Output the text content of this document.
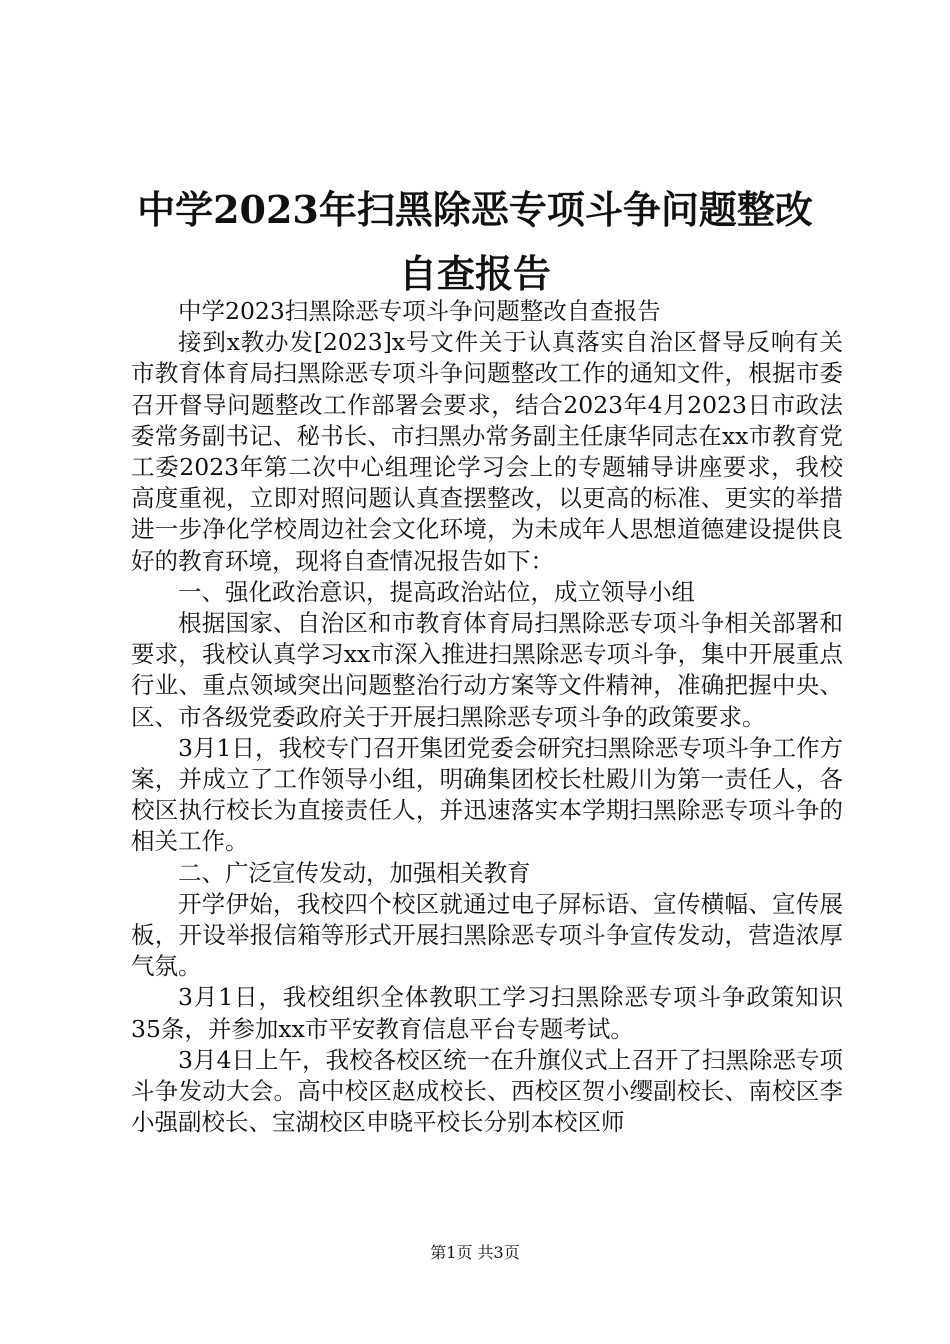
中学2023年扫黑除恶专项斗争问题整改自查报告

中学2023扫黑除恶专项斗争问题整改自查报告

接到x教办发[2023]x号文件关于认真落实自治区督导反响有关市教育体育局扫黑除恶专项斗争问题整改工作的通知文件，根据市委召开督导问题整改工作部署会要求，结合2023年4月2023日市政法委常务副书记、秘书长、市扫黑办常务副主任康华同志在xx市教育党工委2023年第二次中心组理论学习会上的专题辅导讲座要求，我校高度重视，立即对照问题认真查摆整改，以更高的标准、更实的举措进一步净化学校周边社会文化环境，为未成年人思想道德建设提供良好的教育环境，现将自查情况报告如下：

一、强化政治意识，提高政治站位，成立领导小组

根据国家、自治区和市教育体育局扫黑除恶专项斗争相关部署和要求，我校认真学习xx市深入推进扫黑除恶专项斗争，集中开展重点行业、重点领域突出问题整治行动方案等文件精神，准确把握中央、区、市各级党委政府关于开展扫黑除恶专项斗争的政策要求。

3月1日，我校专门召开集团党委会研究扫黑除恶专项斗争工作方案，并成立了工作领导小组，明确集团校长杜殿川为第一责任人，各校区执行校长为直接责任人，并迅速落实本学期扫黑除恶专项斗争的相关工作。

二、广泛宣传发动，加强相关教育

开学伊始，我校四个校区就通过电子屏标语、宣传横幅、宣传展板，开设举报信箱等形式开展扫黑除恶专项斗争宣传发动，营造浓厚气氛。

3月1日，我校组织全体教职工学习扫黑除恶专项斗争政策知识35条，并参加xx市平安教育信息平台专题考试。

3月4日上午，我校各校区统一在升旗仪式上召开了扫黑除恶专项斗争发动大会。高中校区赵成校长、西校区贺小缨副校长、南校区李小强副校长、宝湖校区申晓平校长分别本校区师

第1页 共3页
